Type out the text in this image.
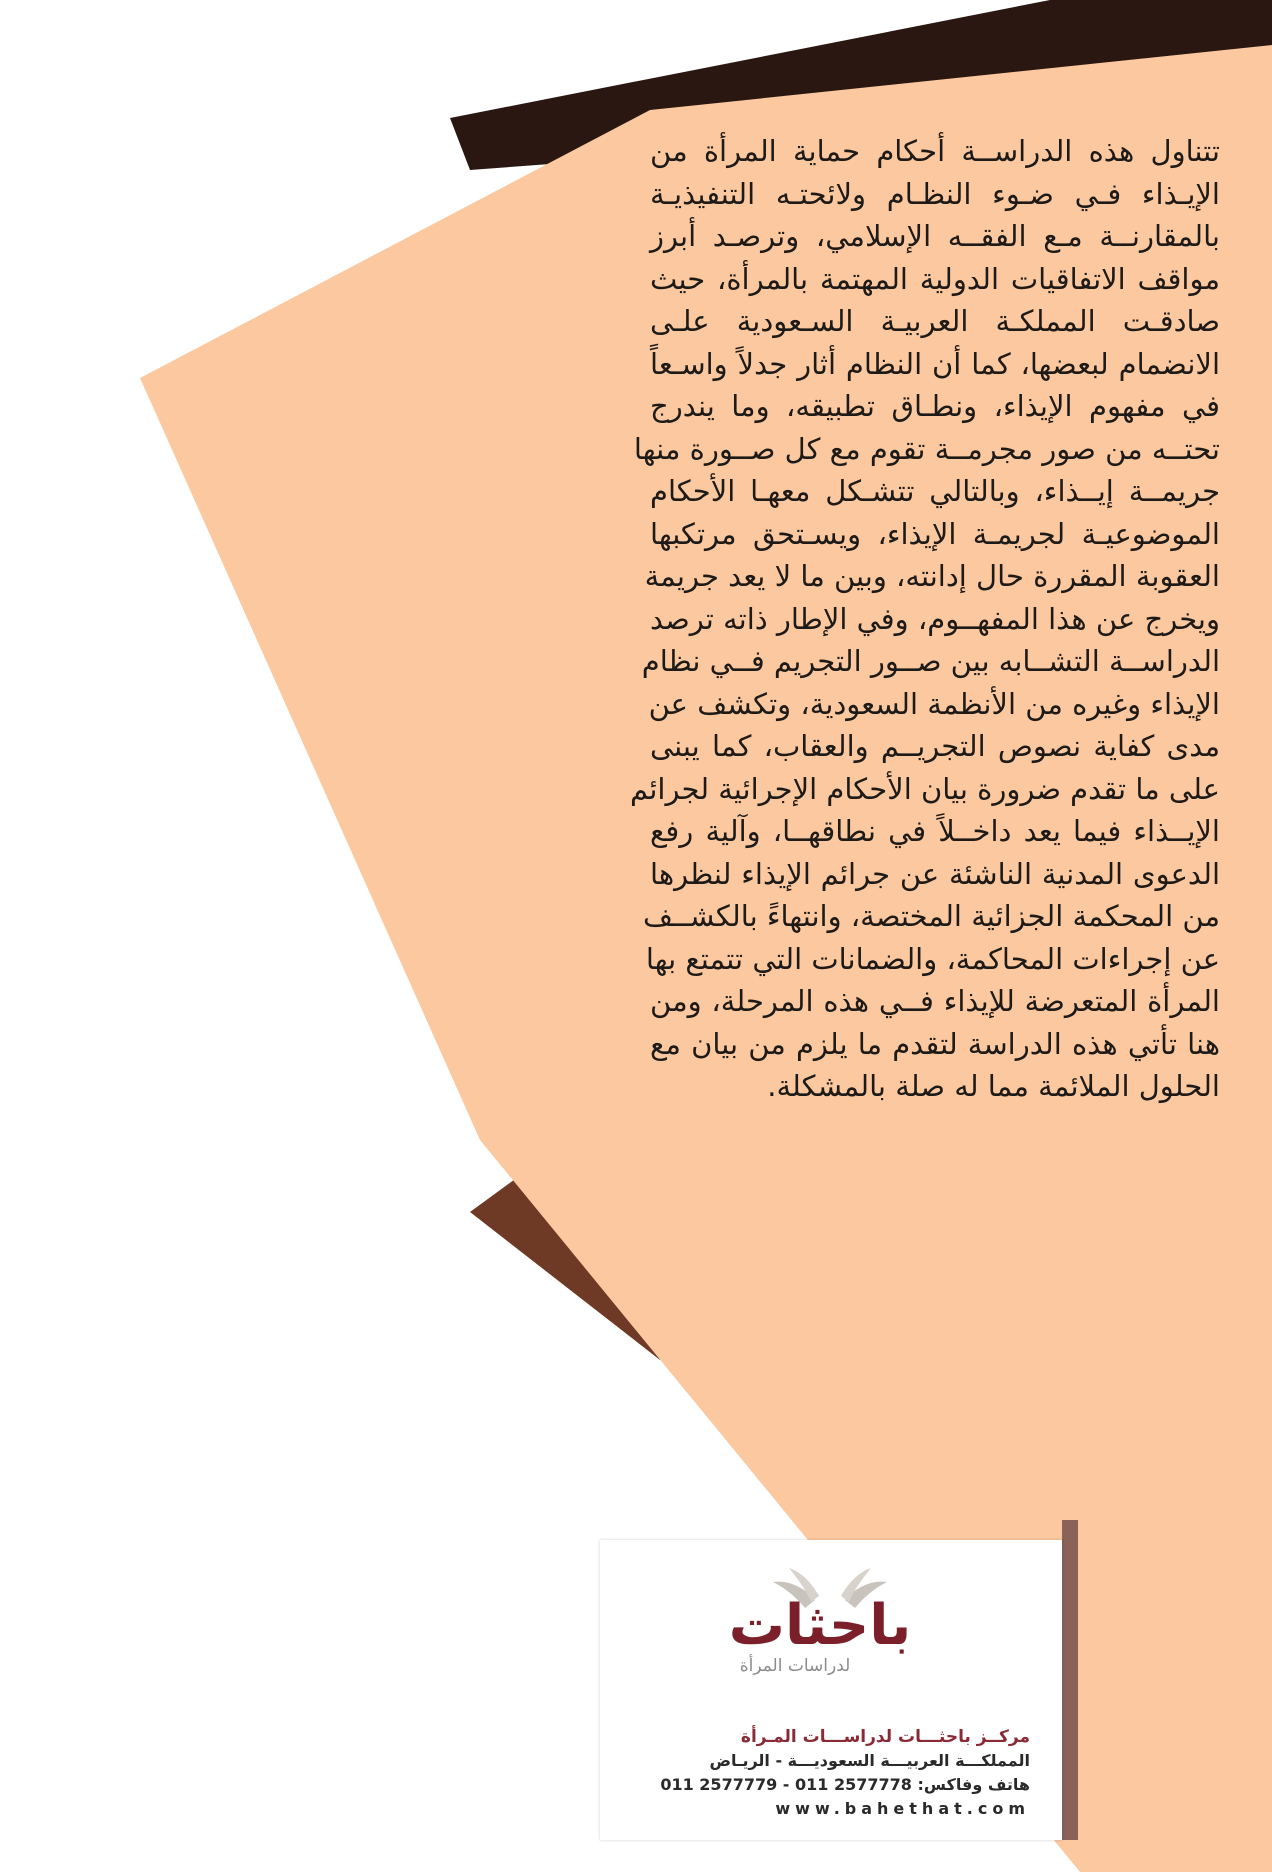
تتناول هذه الدراســة أحكام حماية المرأة من
الإيـذاء فـي ضـوء النظـام ولائحتـه التنفيذيـة
بالمقارنــة مـع الفقــه الإسلامي، وترصـد أبرز
مواقف الاتفاقيات الدولية المهتمة بالمرأة، حيث
صادقـت المملكـة العربيـة السـعودية علـى
الانضمام لبعضها، كما أن النظام أثار جدلاً واسـعاً
في مفهوم الإيذاء، ونطـاق تطبيقه، وما يندرج
تحتــه من صور مجرمــة تقوم مع كل صــورة منها
جريمــة إيــذاء، وبالتالي تتشـكل معهـا الأحكام
الموضوعيـة لجريمـة الإيذاء، ويسـتحق مرتكبها
العقوبة المقررة حال إدانته، وبين ما لا يعد جريمة
ويخرج عن هذا المفهــوم، وفي الإطار ذاته ترصد
الدراســة التشــابه بين صــور التجريم فــي نظام
الإيذاء وغيره من الأنظمة السعودية، وتكشف عن
مدى كفاية نصوص التجريــم والعقاب، كما يبنى
على ما تقدم ضرورة بيان الأحكام الإجرائية لجرائم
الإيــذاء فيما يعد داخــلاً في نطاقهــا، وآلية رفع
الدعوى المدنية الناشئة عن جرائم الإيذاء لنظرها
من المحكمة الجزائية المختصة، وانتهاءً بالكشــف
عن إجراءات المحاكمة، والضمانات التي تتمتع بها
المرأة المتعرضة للإيذاء فــي هذه المرحلة، ومن
هنا تأتي هذه الدراسة لتقدم ما يلزم من بيان مع
الحلول الملائمة مما له صلة بالمشكلة.
باحثات
لدراسات المرأة
مركــز باحثـــات لدراســـات المـرأة
المملكـــة العربيـــة السعوديـــة - الريـاض
هاتف وفاكس: 2577778 011 - 2577779 011
www.bahethat.com
